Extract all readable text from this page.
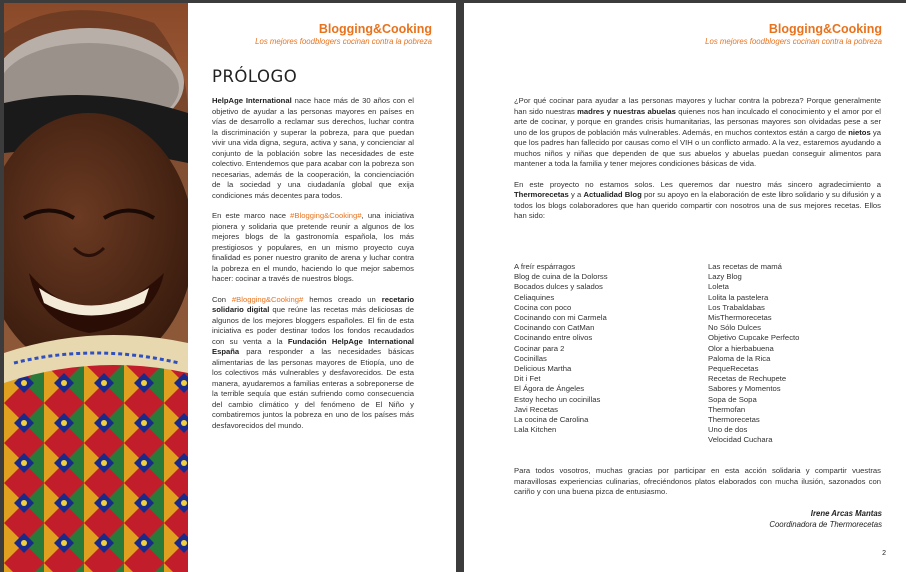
Blogging&Cooking
Los mejores foodblogers cocinan contra la pobreza
PRÓLOGO

HelpAge International nace hace más de 30 años con el objetivo de ayudar a las personas mayores en países en vías de desarrollo a reclamar sus derechos, luchar contra la discriminación y superar la pobreza, para que puedan vivir una vida digna, segura, activa y sana, y concienciar al conjunto de la población sobre las necesidades de este colectivo. Entendemos que para acabar con la pobreza son necesarias, además de la cooperación, la concienciación de la sociedad y una ciudadanía global que exija condiciones más decentes para todos.

En este marco nace #Blogging&Cooking#, una iniciativa pionera y solidaria que pretende reunir a algunos de los mejores blogs de la gastronomía española, los más prestigiosos y populares, en un mismo proyecto cuya finalidad es poner nuestro granito de arena y luchar contra la pobreza en el mundo, haciendo lo que mejor sabemos hacer: cocinar a través de nuestros blogs.

Con #Blogging&Cooking# hemos creado un recetario solidario digital que reúne las recetas más deliciosas de algunos de los mejores bloggers españoles. El fin de esta iniciativa es poder destinar todos los fondos recaudados con su venta a la Fundación HelpAge International España para responder a las necesidades básicas alimentarias de las personas mayores de Etiopía, uno de los colectivos más vulnerables y desfavorecidos. De esta manera, ayudaremos a familias enteras a sobreponerse de la terrible sequía que están sufriendo como consecuencia del cambio climático y del fenómeno de El Niño y combatiremos juntos la pobreza en uno de los países más desfavorecidos del mundo.

Blogging&Cooking
Los mejores foodblogers cocinan contra la pobreza

¿Por qué cocinar para ayudar a las personas mayores y luchar contra la pobreza? Porque generalmente han sido nuestras madres y nuestras abuelas quienes nos han inculcado el conocimiento y el amor por el arte de cocinar, y porque en grandes crisis humanitarias, las personas mayores son olvidadas pese a ser uno de los grupos de población más vulnerables. Además, en muchos contextos están a cargo de nietos ya que los padres han fallecido por causas como el VIH o un conflicto armado. A la vez, estaremos ayudando a muchos niños y niñas que dependen de que sus abuelos y abuelas puedan conseguir alimentos para mantener a toda la familia y tener mejores condiciones básicas de vida.

En este proyecto no estamos solos. Les queremos dar nuestro más sincero agradecimiento a Thermorecetas y a Actualidad Blog por su apoyo en la elaboración de este libro solidario y su difusión y a todos los blogs colaboradores que han querido compartir con nosotros una de sus mejores recetas. Ellos han sido:

A freír espárragos
Blog de cuina de la Dolorss
Bocados dulces y salados
Celiaquines
Cocina con poco
Cocinando con mi Carmela
Cocinando con CatMan
Cocinando entre olivos
Cocinar para 2
Cocinillas
Delicious Martha
Dit i Fet
El Ágora de Ángeles
Estoy hecho un cocinillas
Javi Recetas
La cocina de Carolina
Lala Kitchen
Las recetas de mamá
Lazy Blog
Loleta
Lolita la pastelera
Los Trabaldabas
MisThermorecetas
No Sólo Dulces
Objetivo Cupcake Perfecto
Olor a hierbabuena
Paloma de la Rica
PequeRecetas
Recetas de Rechupete
Sabores y Momentos
Sopa de Sopa
Thermofan
Thermorecetas
Uno de dos
Velocidad Cuchara
Para todos vosotros, muchas gracias por participar en esta acción solidaria y compartir vuestras maravillosas experiencias culinarias, ofreciéndonos platos elaborados con mucha ilusión, sazonados con cariño y con una buena pizca de entusiasmo.
Irene Arcas Mantas
Coordinadora de Thermorecetas
2
